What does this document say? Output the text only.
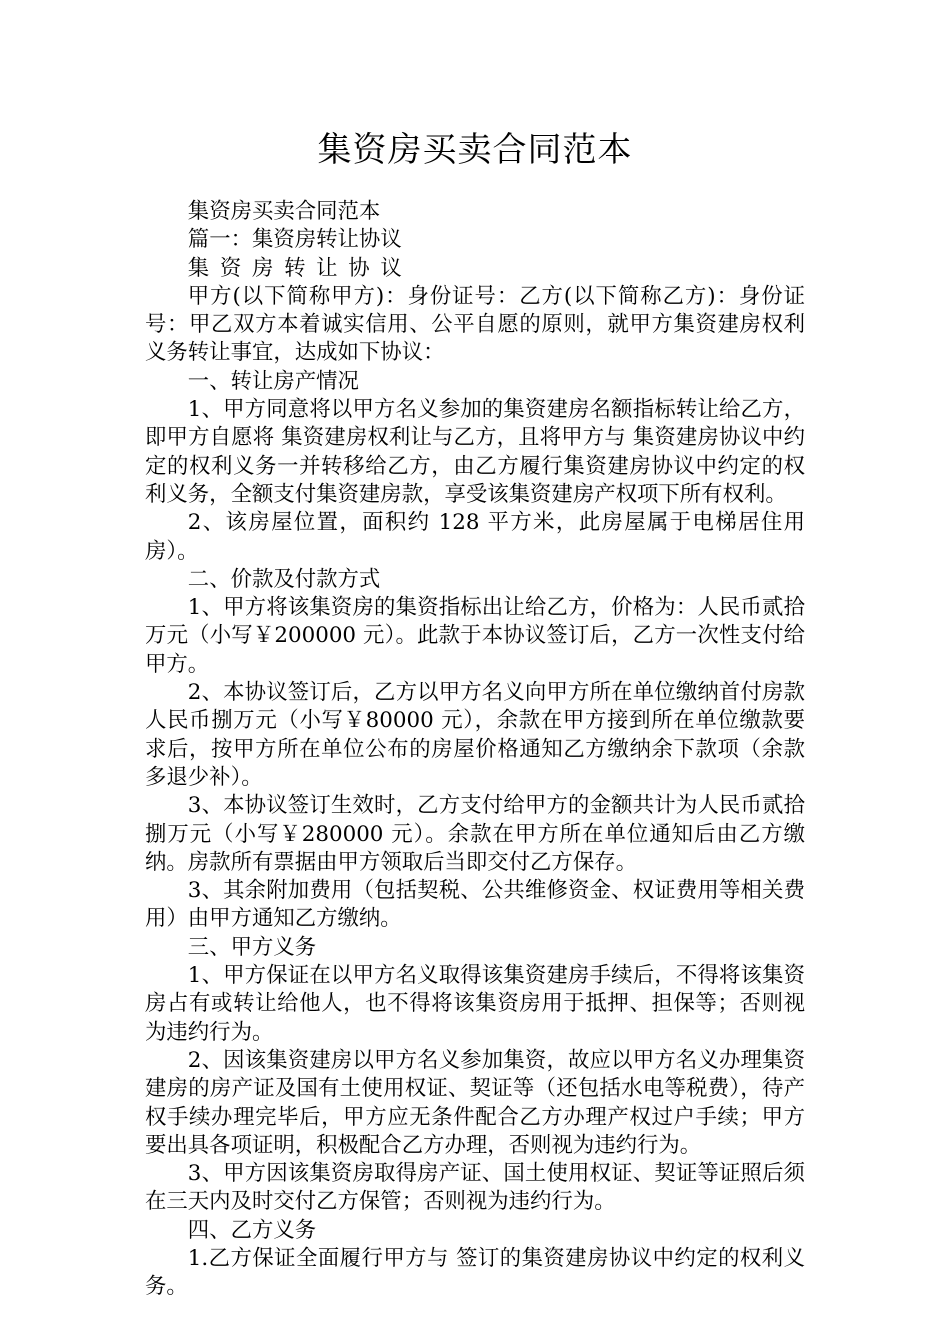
集资房买卖合同范本

集资房买卖合同范本

篇一：集资房转让协议

集资房转让协议

甲方(以下简称甲方)：身份证号：乙方(以下简称乙方)：身份证号：甲乙双方本着诚实信用、公平自愿的原则，就甲方集资建房权利义务转让事宜，达成如下协议：

一、转让房产情况

1、甲方同意将以甲方名义参加的集资建房名额指标转让给乙方，即甲方自愿将 集资建房权利让与乙方，且将甲方与 集资建房协议中约定的权利义务一并转移给乙方，由乙方履行集资建房协议中约定的权利义务，全额支付集资建房款，享受该集资建房产权项下所有权利。

2、该房屋位置，面积约 128 平方米，此房屋属于电梯居住用房）。

二、价款及付款方式

1、甲方将该集资房的集资指标出让给乙方，价格为：人民币贰拾万元（小写￥200000 元）。此款于本协议签订后，乙方一次性支付给甲方。

2、本协议签订后，乙方以甲方名义向甲方所在单位缴纳首付房款人民币捌万元（小写￥80000 元），余款在甲方接到所在单位缴款要求后，按甲方所在单位公布的房屋价格通知乙方缴纳余下款项（余款多退少补）。

3、本协议签订生效时，乙方支付给甲方的金额共计为人民币贰拾捌万元（小写￥280000 元）。余款在甲方所在单位通知后由乙方缴纳。房款所有票据由甲方领取后当即交付乙方保存。

3、其余附加费用（包括契税、公共维修资金、权证费用等相关费用）由甲方通知乙方缴纳。

三、甲方义务

1、甲方保证在以甲方名义取得该集资建房手续后，不得将该集资房占有或转让给他人，也不得将该集资房用于抵押、担保等；否则视为违约行为。

2、因该集资建房以甲方名义参加集资，故应以甲方名义办理集资建房的房产证及国有土使用权证、契证等（还包括水电等税费），待产权手续办理完毕后，甲方应无条件配合乙方办理产权过户手续；甲方要出具各项证明，积极配合乙方办理，否则视为违约行为。

3、甲方因该集资房取得房产证、国土使用权证、契证等证照后须在三天内及时交付乙方保管；否则视为违约行为。

四、乙方义务

1.乙方保证全面履行甲方与 签订的集资建房协议中约定的权利义务。
